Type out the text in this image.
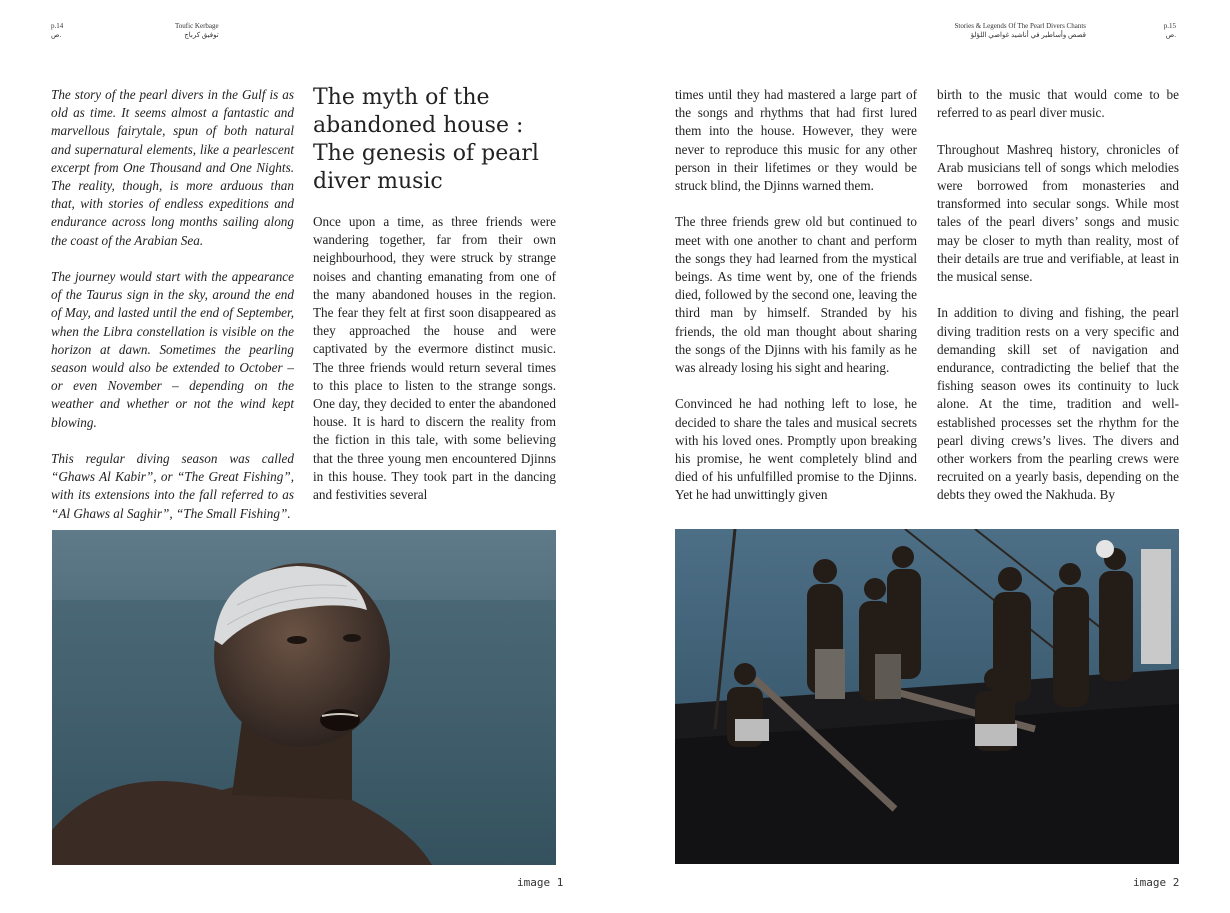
p.14
ص.
Toufic Kerbage
توفيق كرباج
Stories & Legends Of The Pearl Divers Chants
قصص وأساطير في أناشيد غواصي اللؤلؤ
p.15
ص.

The story of the pearl divers in the Gulf is as old as time. It seems almost a fantastic and marvellous fairytale, spun of both natural and supernatural elements, like a pearlescent excerpt from One Thousand and One Nights. The reality, though, is more arduous than that, with stories of endless expeditions and endurance across long months sailing along the coast of the Arabian Sea.

The journey would start with the appearance of the Taurus sign in the sky, around the end of May, and lasted until the end of September, when the Libra constellation is visible on the horizon at dawn. Sometimes the pearling season would also be extended to October – or even November – depending on the weather and whether or not the wind kept blowing.

This regular diving season was called “Ghaws Al Kabir”, or “The Great Fishing”, with its extensions into the fall referred to as “Al Ghaws al Saghir”, “The Small Fishing”.

The myth of the abandoned house : The genesis of pearl diver music

Once upon a time, as three friends were wandering together, far from their own neighbourhood, they were struck by strange noises and chanting emanating from one of the many abandoned houses in the region. The fear they felt at first soon disappeared as they approached the house and were captivated by the evermore distinct music. The three friends would return several times to this place to listen to the strange songs. One day, they decided to enter the abandoned house. It is hard to discern the reality from the fiction in this tale, with some believing that the three young men encountered Djinns in this house. They took part in the dancing and festivities several

times until they had mastered a large part of the songs and rhythms that had first lured them into the house. However, they were never to reproduce this music for any other person in their lifetimes or they would be struck blind, the Djinns warned them.

The three friends grew old but continued to meet with one another to chant and perform the songs they had learned from the mystical beings. As time went by, one of the friends died, followed by the second one, leaving the third man by himself. Stranded by his friends, the old man thought about sharing the songs of the Djinns with his family as he was already losing his sight and hearing.

Convinced he had nothing left to lose, he decided to share the tales and musical secrets with his loved ones. Promptly upon breaking his promise, he went completely blind and died of his unfulfilled promise to the Djinns. Yet he had unwittingly given

birth to the music that would come to be referred to as pearl diver music.

Throughout Mashreq history, chronicles of Arab musicians tell of songs which melodies were borrowed from monasteries and transformed into secular songs. While most tales of the pearl divers’ songs and music may be closer to myth than reality, most of their details are true and verifiable, at least in the musical sense.

In addition to diving and fishing, the pearl diving tradition rests on a very specific and demanding skill set of navigation and endurance, contradicting the belief that the fishing season owes its continuity to luck alone. At the time, tradition and well-established processes set the rhythm for the pearl diving crews’s lives. The divers and other workers from the pearling crews were recruited on a yearly basis, depending on the debts they owed the Nakhuda. By

image 1	image 2
